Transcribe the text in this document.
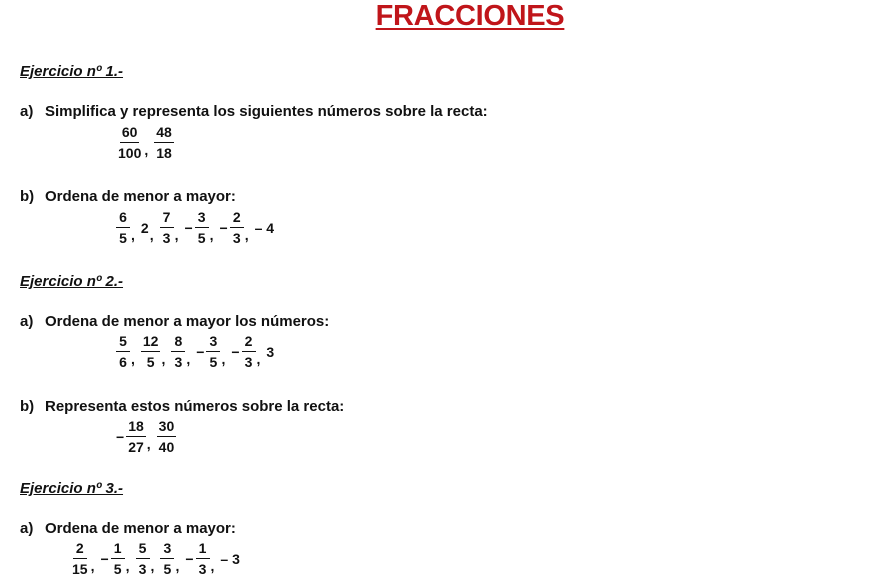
FRACCIONES
Ejercicio nº 1.-
a) Simplifica y representa los siguientes números sobre la recta:
$\frac{60}{100}$ , $\frac{48}{18}$
b) Ordena de menor a mayor:
$\frac{6}{5}$ , 2 , $\frac{7}{3}$ , − $\frac{3}{5}$ , − $\frac{2}{3}$ , – 4
Ejercicio nº 2.-
a) Ordena de menor a mayor los números:
$\frac{5}{6}$ , $\frac{12}{5}$ , $\frac{8}{3}$ , − $\frac{3}{5}$ , − $\frac{2}{3}$ , 3
b) Representa estos números sobre la recta:
− $\frac{18}{27}$ , $\frac{30}{40}$
Ejercicio nº 3.-
a) Ordena de menor a mayor:
$\frac{2}{15}$ , − $\frac{1}{5}$ , $\frac{5}{3}$ , $\frac{3}{5}$ , − $\frac{1}{3}$ , – 3
